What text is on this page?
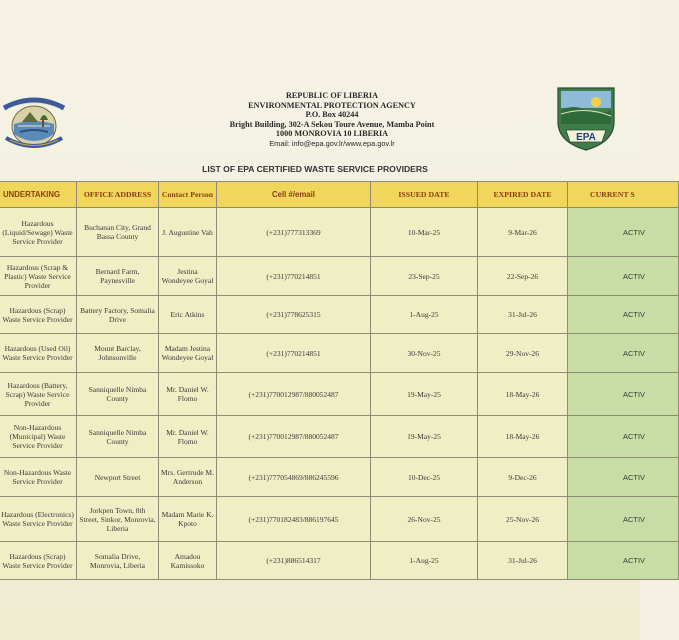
REPUBLIC OF LIBERIA
ENVIRONMENTAL PROTECTION AGENCY
P.O. Box 40244
Bright Building, 302-A Sekou Toure Avenue, Mamba Point
1000 MONROVIA 10 LIBERIA
Email: info@epa.gov.lr/www.epa.gov.lr
EPA
LIST OF EPA CERTIFIED WASTE SERVICE PROVIDERS
UNDERTAKING	OFFICE ADDRESS	Contact Person	Cell #/email	ISSUED DATE	EXPIRED DATE	CURRENT S
Hazardous (Liquid/Sewage) Waste Service Provider	Buchanan City, Grand Bassa County	J. Augustine Vah	(+231)777313369	10-Mar-25	9-Mar-26	ACTIV
Hazardous (Scrap & Plastic) Waste Service Provider	Bernard Farm, Paynesville	Jestina Wondeyee Goyal	(+231)770214851	23-Sep-25	22-Sep-26	ACTIV
Hazardous (Scrap) Waste Service Provider	Battery Factory, Somalia Drive	Eric Atkins	(+231)778625315	1-Aug-25	31-Jul-26	ACTIV
Hazardous (Used Oil) Waste Service Provider	Mount Barclay, Johnsonville	Madam Jestina Wondeyee Goyal	(+231)770214851	30-Nov-25	29-Nov-26	ACTIV
Hazardous (Battery, Scrap) Waste Service Provider	Sanniquelle Nimba County	Mr. Daniel W. Flomo	(+231)770012987/880052487	19-May-25	18-May-26	ACTIV
Non-Hazardous (Municipal) Waste Service Provider	Sanniquelle Nimba County	Mr. Daniel W. Flomo	(+231)770012987/880052487	19-May-25	18-May-26	ACTIV
Non-Hazardous Waste Service Provider	Newport Street	Mrs. Gertrude M. Anderson	(+231)777054869/886245596	10-Dec-25	9-Dec-26	ACTIV
Hazardous (Electronics) Waste Service Provider	Jorkpen Town, 8th Street, Sinkor, Monrovia, Liberia	Madam Marie K. Kpoto	(+231)770182483/886197645	26-Nov-25	25-Nov-26	ACTIV
Hazardous (Scrap) Waste Service Provider	Somalia Drive, Monrovia, Liberia	Amadou Kamissoko	(+231)886514317	1-Aug-25	31-Jul-26	ACTIV
